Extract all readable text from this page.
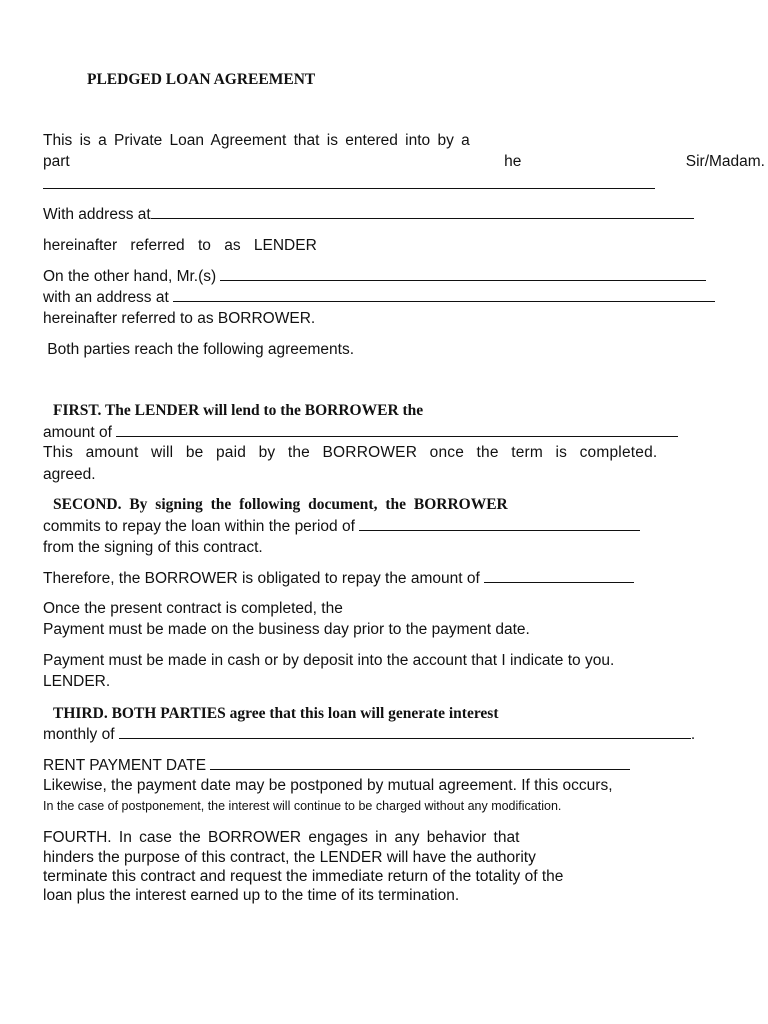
PLEDGED LOAN AGREEMENT
This is a Private Loan Agreement that is entered into by a
part	he	Sir/Madam.
With address at
hereinafter referred to as LENDER
On the other hand, Mr.(s)
with an address at
hereinafter referred to as BORROWER.
Both parties reach the following agreements.
FIRST. The LENDER will lend to the BORROWER the
amount of
This amount will be paid by the BORROWER once the term is completed.
agreed.
SECOND. By signing the following document, the BORROWER
commits to repay the loan within the period of
from the signing of this contract.
Therefore, the BORROWER is obligated to repay the amount of
Once the present contract is completed, the
Payment must be made on the business day prior to the payment date.
Payment must be made in cash or by deposit into the account that I indicate to you.
LENDER.
THIRD. BOTH PARTIES agree that this loan will generate interest
monthly of	.
RENT PAYMENT DATE
Likewise, the payment date may be postponed by mutual agreement. If this occurs,
In the case of postponement, the interest will continue to be charged without any modification.
FOURTH. In case the BORROWER engages in any behavior that
hinders the purpose of this contract, the LENDER will have the authority
terminate this contract and request the immediate return of the totality of the
loan plus the interest earned up to the time of its termination.
